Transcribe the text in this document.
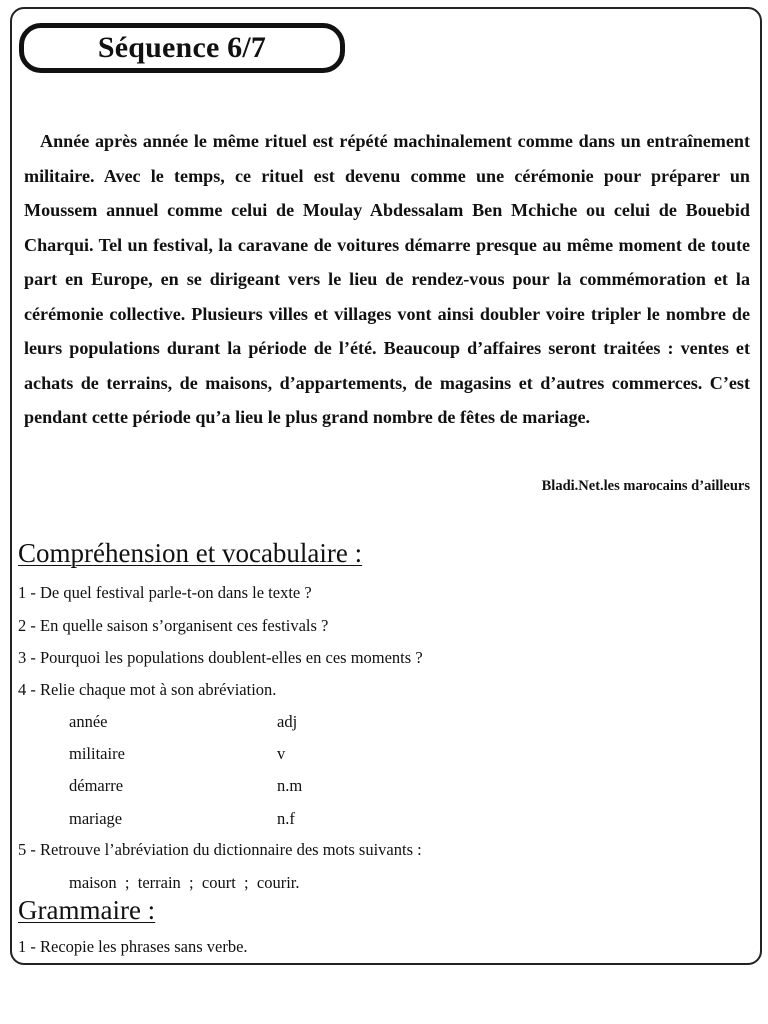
Séquence 6/7

Année après année le même rituel est répété machinalement comme dans un entraînement militaire. Avec le temps, ce rituel est devenu comme une cérémonie pour préparer un Moussem annuel comme celui de Moulay Abdessalam Ben Mchiche ou celui de Bouebid Charqui. Tel un festival, la caravane de voitures démarre presque au même moment de toute part en Europe, en se dirigeant vers le lieu de rendez-vous pour la commémoration et la cérémonie collective. Plusieurs villes et villages vont ainsi doubler voire tripler le nombre de leurs populations durant la période de l’été. Beaucoup d’affaires seront traitées : ventes et achats de terrains, de maisons, d’appartements, de magasins et d’autres commerces. C’est pendant cette période qu’a lieu le plus grand nombre de fêtes de mariage.

Bladi.Net.les marocains d’ailleurs
Compréhension et vocabulaire :

1 - De quel festival parle-t-on dans le texte ?

2 - En quelle saison s’organisent ces festivals ?

3 - Pourquoi les populations doublent-elles en ces moments ?

4 - Relie chaque mot à son abréviation.

année
militaire
démarre
mariage
adj
v
n.m
n.f

5 - Retrouve l’abréviation du dictionnaire des mots suivants :

maison  ;  terrain  ;  court  ;  courir.
Grammaire :

1 - Recopie les phrases sans verbe.
